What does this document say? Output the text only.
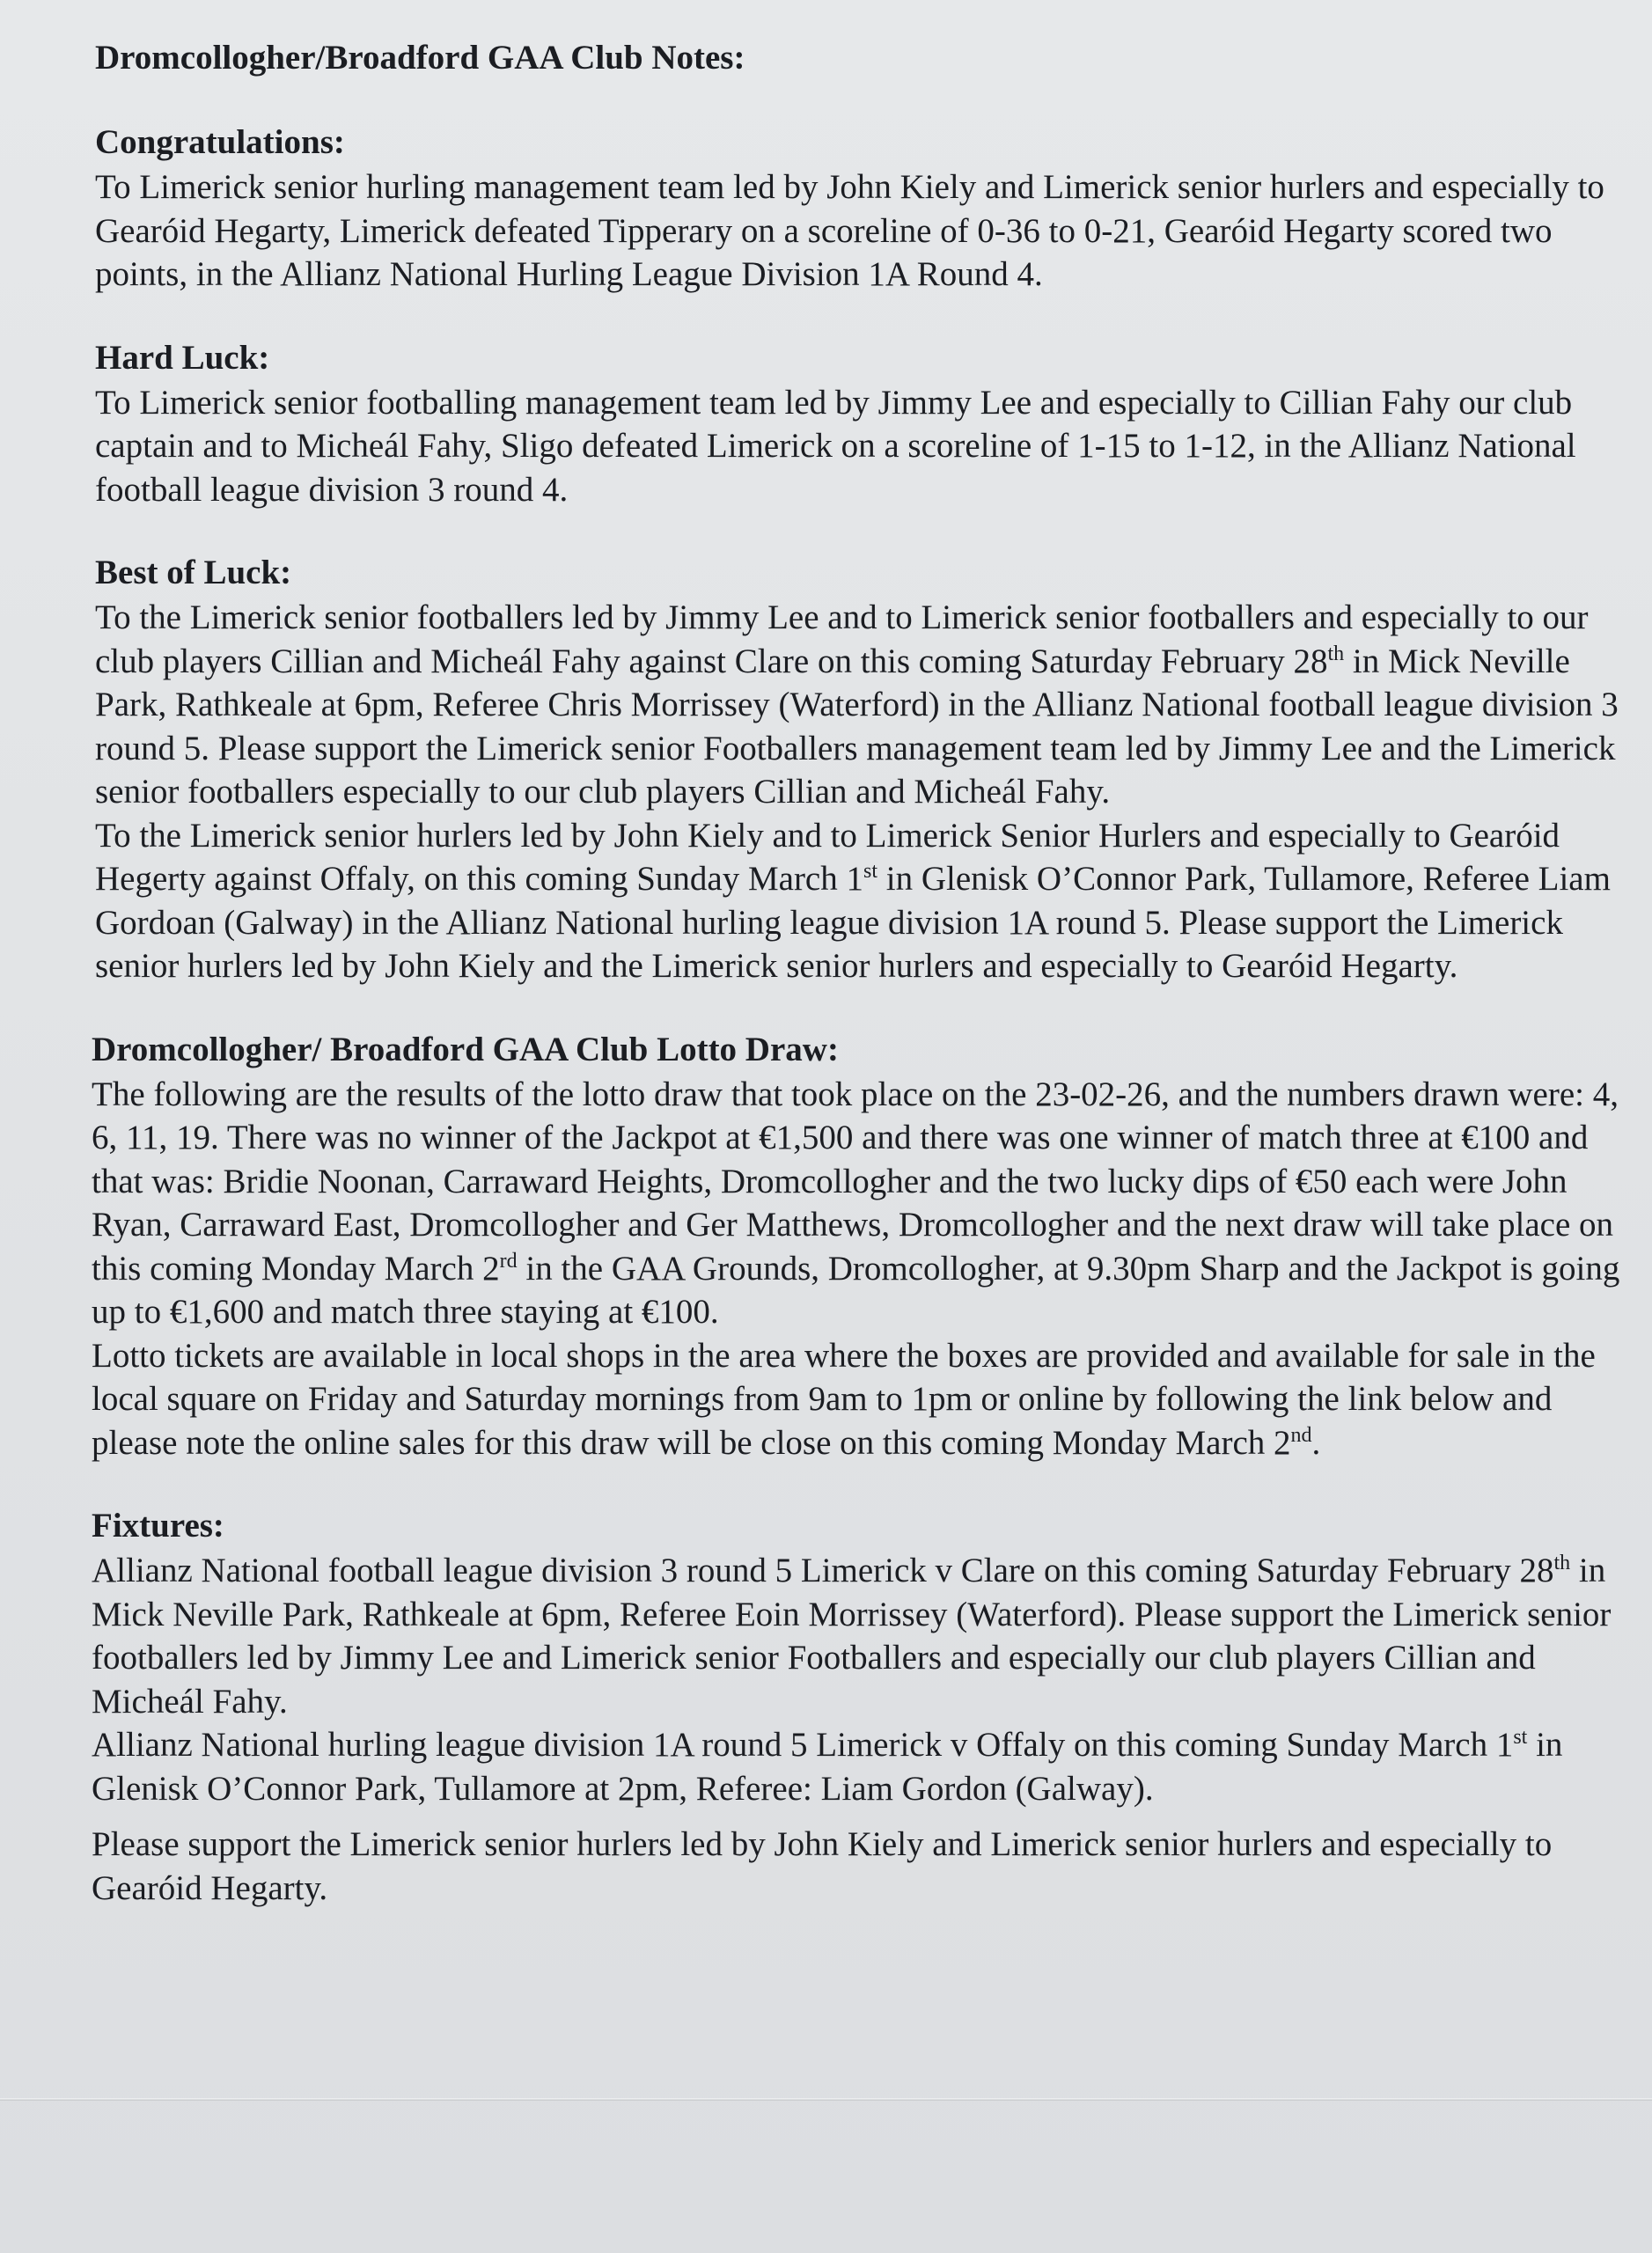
Dromcollogher/Broadford GAA Club Notes:
Congratulations:

To Limerick senior hurling management team led by John Kiely and Limerick senior hurlers and especially to Gearóid Hegarty, Limerick defeated Tipperary on a scoreline of 0-36 to 0-21, Gearóid Hegarty scored two points, in the Allianz National Hurling League Division 1A Round 4.

Hard Luck:

To Limerick senior footballing management team led by Jimmy Lee and especially to Cillian Fahy our club captain and to Micheál Fahy, Sligo defeated Limerick on a scoreline of 1-15 to 1-12, in the Allianz National football league division 3 round 4.

Best of Luck:

To the Limerick senior footballers led by Jimmy Lee and to Limerick senior footballers and especially to our club players Cillian and Micheál Fahy against Clare on this coming Saturday February 28th in Mick Neville Park, Rathkeale at 6pm, Referee Chris Morrissey (Waterford) in the Allianz National football league division 3 round 5. Please support the Limerick senior Footballers management team led by Jimmy Lee and the Limerick senior footballers especially to our club players Cillian and Micheál Fahy.

To the Limerick senior hurlers led by John Kiely and to Limerick Senior Hurlers and especially to Gearóid Hegerty against Offaly, on this coming Sunday March 1st in Glenisk O’Connor Park, Tullamore, Referee Liam Gordoan (Galway) in the Allianz National hurling league division 1A round 5. Please support the Limerick senior hurlers led by John Kiely and the Limerick senior hurlers and especially to Gearóid Hegarty.

Dromcollogher/ Broadford GAA Club Lotto Draw:

The following are the results of the lotto draw that took place on the 23-02-26, and the numbers drawn were: 4, 6, 11, 19. There was no winner of the Jackpot at €1,500 and there was one winner of match three at €100 and that was: Bridie Noonan, Carraward Heights, Dromcollogher and the two lucky dips of €50 each were John Ryan, Carraward East, Dromcollogher and Ger Matthews, Dromcollogher and the next draw will take place on this coming Monday March 2rd in the GAA Grounds, Dromcollogher, at 9.30pm Sharp and the Jackpot is going up to €1,600 and match three staying at €100.

Lotto tickets are available in local shops in the area where the boxes are provided and available for sale in the local square on Friday and Saturday mornings from 9am to 1pm or online by following the link below and please note the online sales for this draw will be close on this coming Monday March 2nd.

Fixtures:

Allianz National football league division 3 round 5 Limerick v Clare on this coming Saturday February 28th in Mick Neville Park, Rathkeale at 6pm, Referee Eoin Morrissey (Waterford). Please support the Limerick senior footballers led by Jimmy Lee and Limerick senior Footballers and especially our club players Cillian and Micheál Fahy.

Allianz National hurling league division 1A round 5 Limerick v Offaly on this coming Sunday March 1st in Glenisk O’Connor Park, Tullamore at 2pm, Referee: Liam Gordon (Galway).

Please support the Limerick senior hurlers led by John Kiely and Limerick senior hurlers and especially to Gearóid Hegarty.
